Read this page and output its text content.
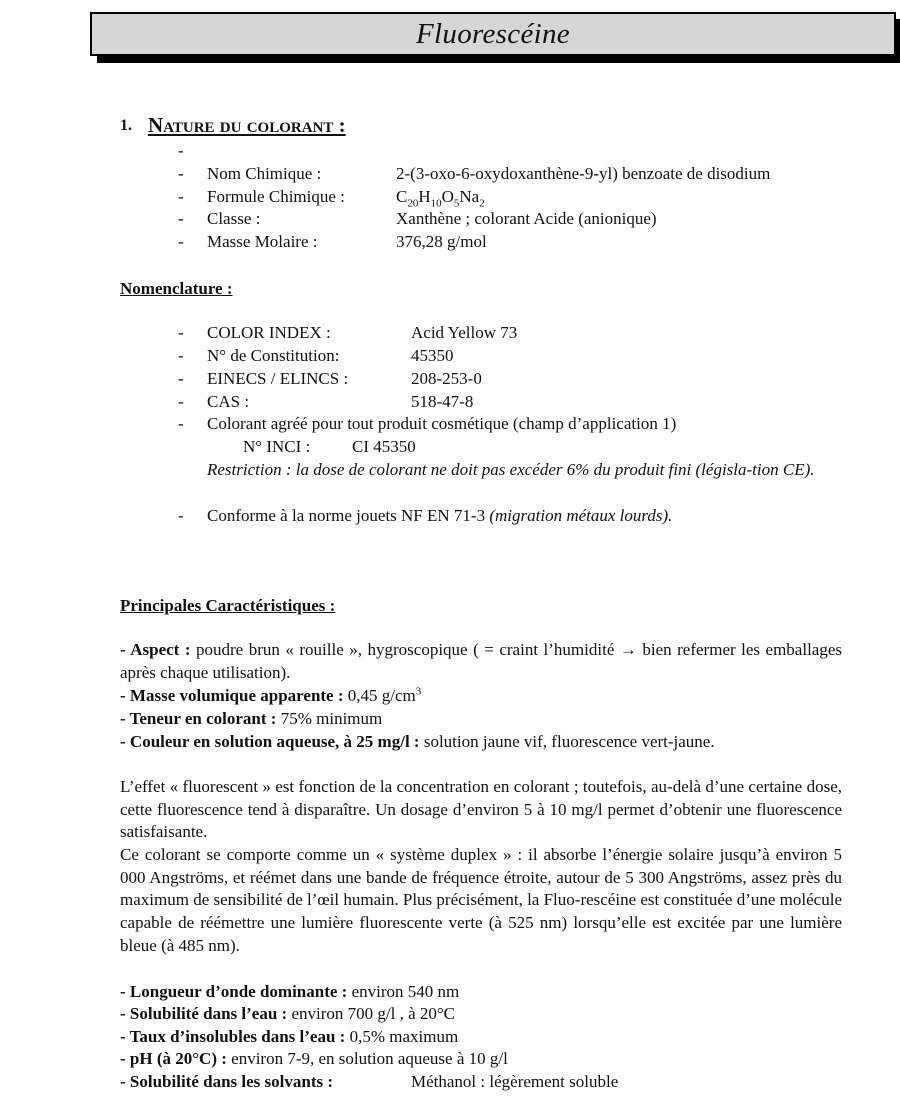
Fluorescéine
1. Nature du colorant :
-
- Nom Chimique :	2-(3-oxo-6-oxydoxanthène-9-yl) benzoate de disodium
- Formule Chimique :	$C_{20}H_{10}O_5Na_2$
- Classe :	Xanthène ; colorant Acide (anionique)
- Masse Molaire :	376,28 g/mol
Nomenclature :
- COLOR INDEX :	Acid Yellow 73
- N° de Constitution:	45350
- EINECS / ELINCS :	208-253-0
- CAS :	518-47-8
- Colorant agréé pour tout produit cosmétique (champ d’application 1)
N° INCI : CI 45350
Restriction : la dose de colorant ne doit pas excéder 6% du produit fini (législa-tion CE).
- Conforme à la norme jouets NF EN 71-3 (migration métaux lourds).
Principales Caractéristiques :
- Aspect : poudre brun « rouille », hygroscopique ( = craint l’humidité → bien refermer les emballages après chaque utilisation).
- Masse volumique apparente : 0,45 $g/cm^3$
- Teneur en colorant : 75% minimum
- Couleur en solution aqueuse, à 25 mg/l : solution jaune vif, fluorescence vert-jaune.
L’effet « fluorescent » est fonction de la concentration en colorant ; toutefois, au-delà d’une certaine dose, cette fluorescence tend à disparaître. Un dosage d’environ 5 à 10 mg/l permet d’obtenir une fluorescence satisfaisante.
Ce colorant se comporte comme un « système duplex » : il absorbe l’énergie solaire jusqu’à environ 5 000 Angströms, et réémet dans une bande de fréquence étroite, autour de 5 300 Angströms, assez près du maximum de sensibilité de l’œil humain. Plus précisément, la Fluo-rescéine est constituée d’une molécule capable de réémettre une lumière fluorescente verte (à 525 nm) lorsqu’elle est excitée par une lumière bleue (à 485 nm).
- Longueur d’onde dominante : environ 540 nm
- Solubilité dans l’eau : environ 700 g/l , à 20°C
- Taux d’insolubles dans l’eau : 0,5% maximum
- pH (à 20°C) : environ 7-9, en solution aqueuse à 10 g/l
- Solubilité dans les solvants :	Méthanol : légèrement soluble
